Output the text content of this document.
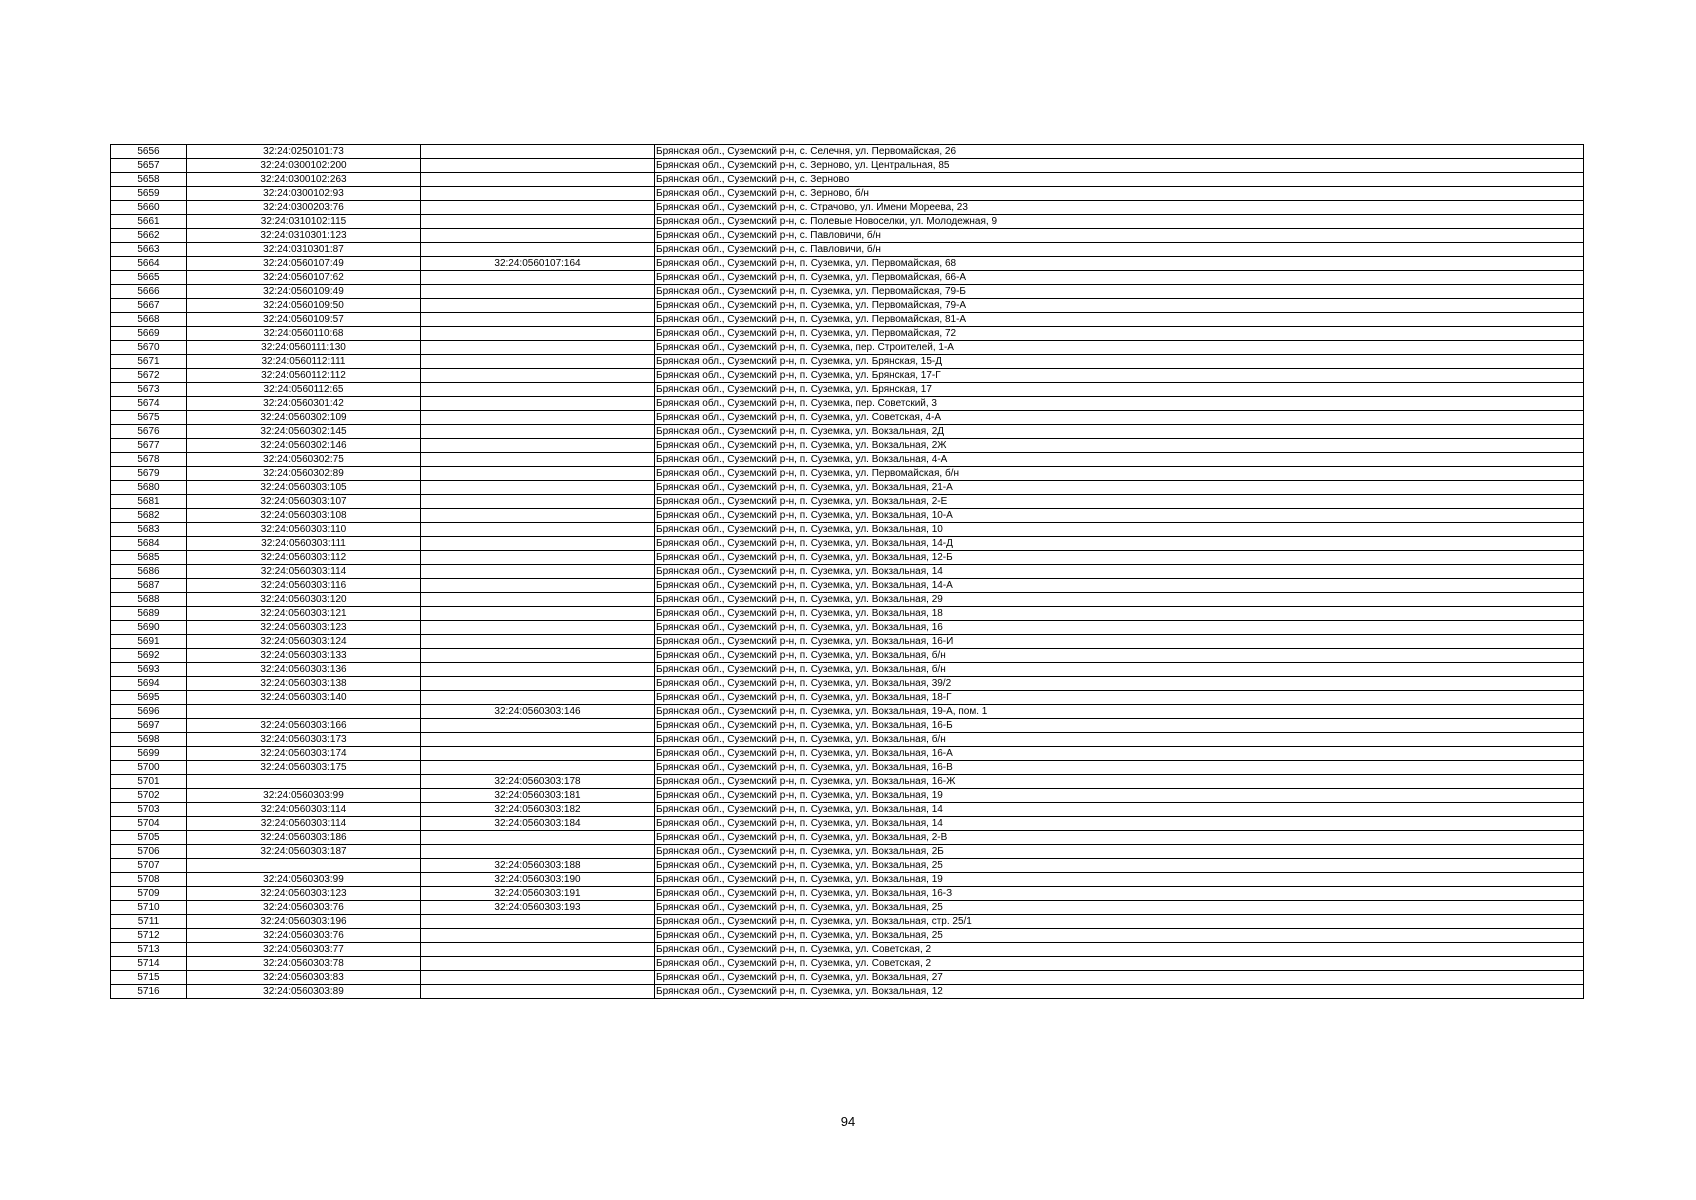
5656	32:24:0250101:73		Брянская обл., Суземский р-н, с. Селечня, ул. Первомайская, 26
5657	32:24:0300102:200		Брянская обл., Суземский р-н, с. Зерново, ул. Центральная, 85
5658	32:24:0300102:263		Брянская обл., Суземский р-н, с. Зерново
5659	32:24:0300102:93		Брянская обл., Суземский р-н, с. Зерново, б/н
5660	32:24:0300203:76		Брянская обл., Суземский р-н, с. Страчово, ул. Имени Мореева, 23
5661	32:24:0310102:115		Брянская обл., Суземский р-н, с. Полевые Новоселки, ул. Молодежная, 9
5662	32:24:0310301:123		Брянская обл., Суземский р-н, с. Павловичи, б/н
5663	32:24:0310301:87		Брянская обл., Суземский р-н, с. Павловичи, б/н
5664	32:24:0560107:49	32:24:0560107:164	Брянская обл., Суземский р-н, п. Суземка, ул. Первомайская, 68
5665	32:24:0560107:62		Брянская обл., Суземский р-н, п. Суземка, ул. Первомайская, 66-А
5666	32:24:0560109:49		Брянская обл., Суземский р-н, п. Суземка, ул. Первомайская, 79-Б
5667	32:24:0560109:50		Брянская обл., Суземский р-н, п. Суземка, ул. Первомайская, 79-А
5668	32:24:0560109:57		Брянская обл., Суземский р-н, п. Суземка, ул. Первомайская, 81-А
5669	32:24:0560110:68		Брянская обл., Суземский р-н, п. Суземка, ул. Первомайская, 72
5670	32:24:0560111:130		Брянская обл., Суземский р-н, п. Суземка, пер. Строителей, 1-А
5671	32:24:0560112:111		Брянская обл., Суземский р-н, п. Суземка, ул. Брянская, 15-Д
5672	32:24:0560112:112		Брянская обл., Суземский р-н, п. Суземка, ул. Брянская, 17-Г
5673	32:24:0560112:65		Брянская обл., Суземский р-н, п. Суземка, ул. Брянская, 17
5674	32:24:0560301:42		Брянская обл., Суземский р-н, п. Суземка, пер. Советский, 3
5675	32:24:0560302:109		Брянская обл., Суземский р-н, п. Суземка, ул. Советская, 4-А
5676	32:24:0560302:145		Брянская обл., Суземский р-н, п. Суземка, ул. Вокзальная, 2Д
5677	32:24:0560302:146		Брянская обл., Суземский р-н, п. Суземка, ул. Вокзальная, 2Ж
5678	32:24:0560302:75		Брянская обл., Суземский р-н, п. Суземка, ул. Вокзальная, 4-А
5679	32:24:0560302:89		Брянская обл., Суземский р-н, п. Суземка, ул. Первомайская, б/н
5680	32:24:0560303:105		Брянская обл., Суземский р-н, п. Суземка, ул. Вокзальная, 21-А
5681	32:24:0560303:107		Брянская обл., Суземский р-н, п. Суземка, ул. Вокзальная, 2-Е
5682	32:24:0560303:108		Брянская обл., Суземский р-н, п. Суземка, ул. Вокзальная, 10-А
5683	32:24:0560303:110		Брянская обл., Суземский р-н, п. Суземка, ул. Вокзальная, 10
5684	32:24:0560303:111		Брянская обл., Суземский р-н, п. Суземка, ул. Вокзальная, 14-Д
5685	32:24:0560303:112		Брянская обл., Суземский р-н, п. Суземка, ул. Вокзальная, 12-Б
5686	32:24:0560303:114		Брянская обл., Суземский р-н, п. Суземка, ул. Вокзальная, 14
5687	32:24:0560303:116		Брянская обл., Суземский р-н, п. Суземка, ул. Вокзальная, 14-А
5688	32:24:0560303:120		Брянская обл., Суземский р-н, п. Суземка, ул. Вокзальная, 29
5689	32:24:0560303:121		Брянская обл., Суземский р-н, п. Суземка, ул. Вокзальная, 18
5690	32:24:0560303:123		Брянская обл., Суземский р-н, п. Суземка, ул. Вокзальная, 16
5691	32:24:0560303:124		Брянская обл., Суземский р-н, п. Суземка, ул. Вокзальная, 16-И
5692	32:24:0560303:133		Брянская обл., Суземский р-н, п. Суземка, ул. Вокзальная, б/н
5693	32:24:0560303:136		Брянская обл., Суземский р-н, п. Суземка, ул. Вокзальная, б/н
5694	32:24:0560303:138		Брянская обл., Суземский р-н, п. Суземка, ул. Вокзальная, 39/2
5695	32:24:0560303:140		Брянская обл., Суземский р-н, п. Суземка, ул. Вокзальная, 18-Г
5696		32:24:0560303:146	Брянская обл., Суземский р-н, п. Суземка, ул. Вокзальная, 19-А, пом. 1
5697	32:24:0560303:166		Брянская обл., Суземский р-н, п. Суземка, ул. Вокзальная, 16-Б
5698	32:24:0560303:173		Брянская обл., Суземский р-н, п. Суземка, ул. Вокзальная, б/н
5699	32:24:0560303:174		Брянская обл., Суземский р-н, п. Суземка, ул. Вокзальная, 16-А
5700	32:24:0560303:175		Брянская обл., Суземский р-н, п. Суземка, ул. Вокзальная, 16-В
5701		32:24:0560303:178	Брянская обл., Суземский р-н, п. Суземка, ул. Вокзальная, 16-Ж
5702	32:24:0560303:99	32:24:0560303:181	Брянская обл., Суземский р-н, п. Суземка, ул. Вокзальная, 19
5703	32:24:0560303:114	32:24:0560303:182	Брянская обл., Суземский р-н, п. Суземка, ул. Вокзальная, 14
5704	32:24:0560303:114	32:24:0560303:184	Брянская обл., Суземский р-н, п. Суземка, ул. Вокзальная, 14
5705	32:24:0560303:186		Брянская обл., Суземский р-н, п. Суземка, ул. Вокзальная, 2-В
5706	32:24:0560303:187		Брянская обл., Суземский р-н, п. Суземка, ул. Вокзальная, 2Б
5707		32:24:0560303:188	Брянская обл., Суземский р-н, п. Суземка, ул. Вокзальная, 25
5708	32:24:0560303:99	32:24:0560303:190	Брянская обл., Суземский р-н, п. Суземка, ул. Вокзальная, 19
5709	32:24:0560303:123	32:24:0560303:191	Брянская обл., Суземский р-н, п. Суземка, ул. Вокзальная, 16-З
5710	32:24:0560303:76	32:24:0560303:193	Брянская обл., Суземский р-н, п. Суземка, ул. Вокзальная, 25
5711	32:24:0560303:196		Брянская обл., Суземский р-н, п. Суземка, ул. Вокзальная, стр. 25/1
5712	32:24:0560303:76		Брянская обл., Суземский р-н, п. Суземка, ул. Вокзальная, 25
5713	32:24:0560303:77		Брянская обл., Суземский р-н, п. Суземка, ул. Советская, 2
5714	32:24:0560303:78		Брянская обл., Суземский р-н, п. Суземка, ул. Советская, 2
5715	32:24:0560303:83		Брянская обл., Суземский р-н, п. Суземка, ул. Вокзальная, 27
5716	32:24:0560303:89		Брянская обл., Суземский р-н, п. Суземка, ул. Вокзальная, 12
94
